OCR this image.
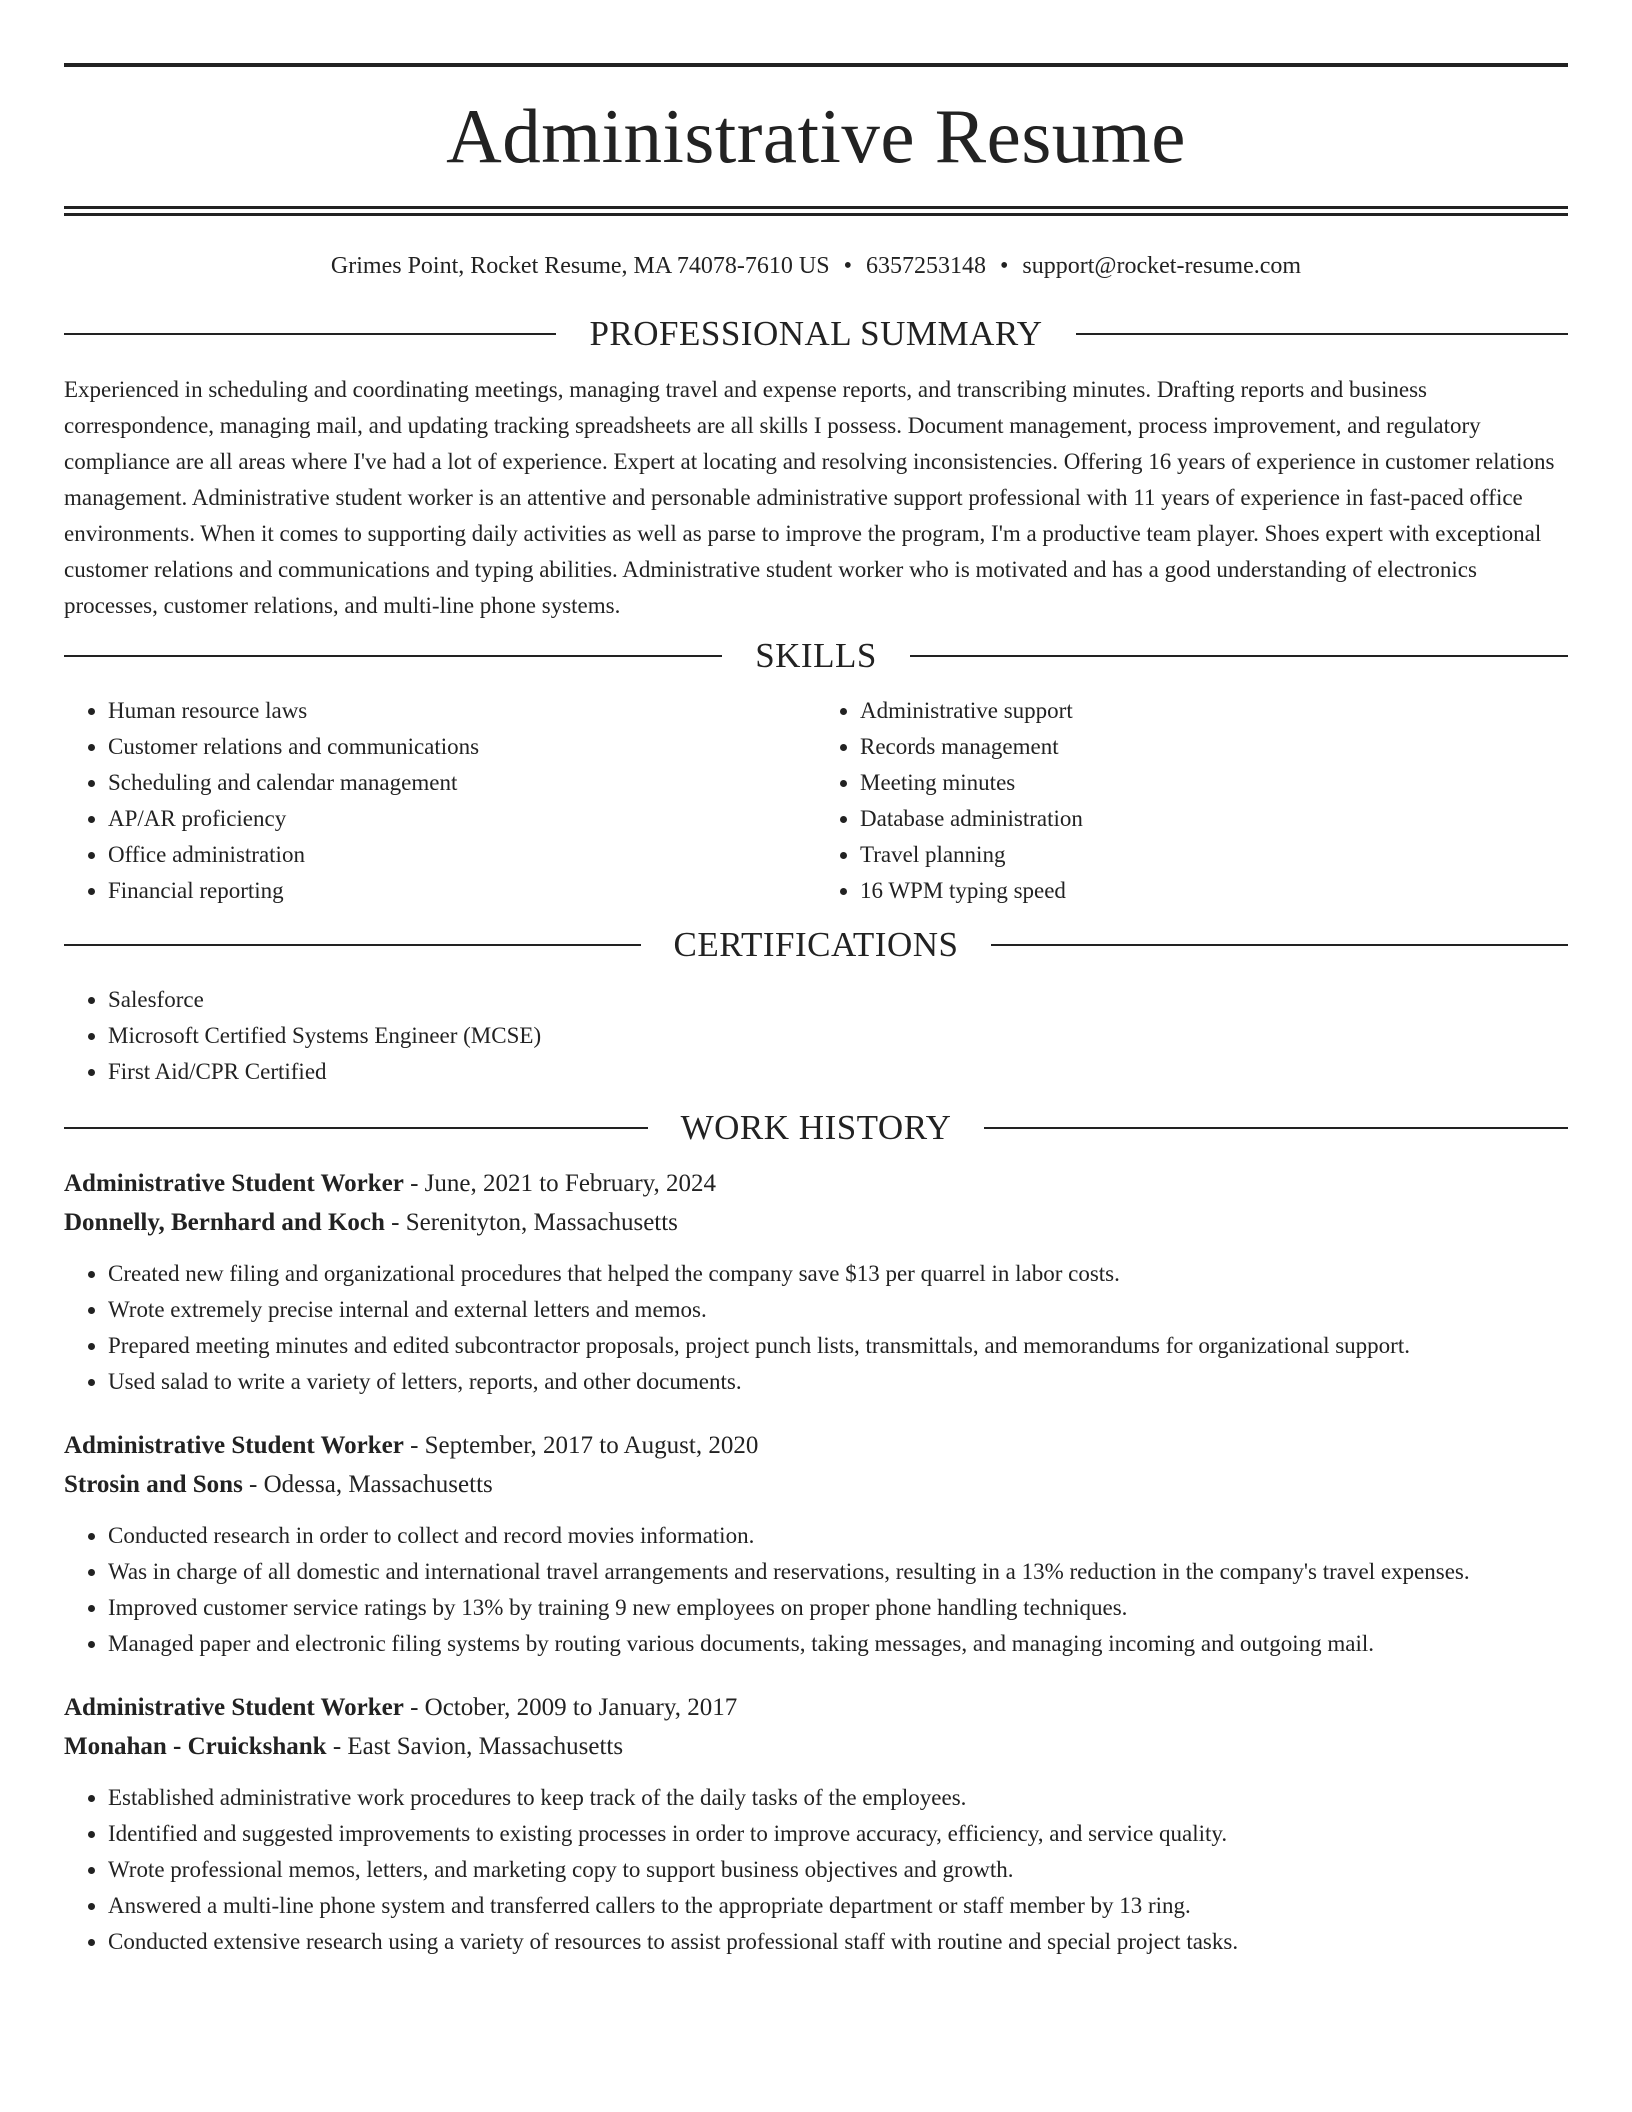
Administrative Resume
Grimes Point, Rocket Resume, MA 74078-7610 US • 6357253148 • support@rocket-resume.com
PROFESSIONAL SUMMARY

Experienced in scheduling and coordinating meetings, managing travel and expense reports, and transcribing minutes. Drafting reports and business correspondence, managing mail, and updating tracking spreadsheets are all skills I possess. Document management, process improvement, and regulatory compliance are all areas where I've had a lot of experience. Expert at locating and resolving inconsistencies. Offering 16 years of experience in customer relations management. Administrative student worker is an attentive and personable administrative support professional with 11 years of experience in fast-paced office environments. When it comes to supporting daily activities as well as parse to improve the program, I'm a productive team player. Shoes expert with exceptional customer relations and communications and typing abilities. Administrative student worker who is motivated and has a good understanding of electronics processes, customer relations, and multi-line phone systems.

SKILLS
• Human resource laws
• Customer relations and communications
• Scheduling and calendar management
• AP/AR proficiency
• Office administration
• Financial reporting
• Administrative support
• Records management
• Meeting minutes
• Database administration
• Travel planning
• 16 WPM typing speed
CERTIFICATIONS
• Salesforce
• Microsoft Certified Systems Engineer (MCSE)
• First Aid/CPR Certified
WORK HISTORY
Administrative Student Worker - June, 2021 to February, 2024
Donnelly, Bernhard and Koch - Serenityton, Massachusetts
• Created new filing and organizational procedures that helped the company save $13 per quarrel in labor costs.
• Wrote extremely precise internal and external letters and memos.
• Prepared meeting minutes and edited subcontractor proposals, project punch lists, transmittals, and memorandums for organizational support.
• Used salad to write a variety of letters, reports, and other documents.
Administrative Student Worker - September, 2017 to August, 2020
Strosin and Sons - Odessa, Massachusetts
• Conducted research in order to collect and record movies information.
• Was in charge of all domestic and international travel arrangements and reservations, resulting in a 13% reduction in the company's travel expenses.
• Improved customer service ratings by 13% by training 9 new employees on proper phone handling techniques.
• Managed paper and electronic filing systems by routing various documents, taking messages, and managing incoming and outgoing mail.
Administrative Student Worker - October, 2009 to January, 2017
Monahan - Cruickshank - East Savion, Massachusetts
• Established administrative work procedures to keep track of the daily tasks of the employees.
• Identified and suggested improvements to existing processes in order to improve accuracy, efficiency, and service quality.
• Wrote professional memos, letters, and marketing copy to support business objectives and growth.
• Answered a multi-line phone system and transferred callers to the appropriate department or staff member by 13 ring.
• Conducted extensive research using a variety of resources to assist professional staff with routine and special project tasks.
